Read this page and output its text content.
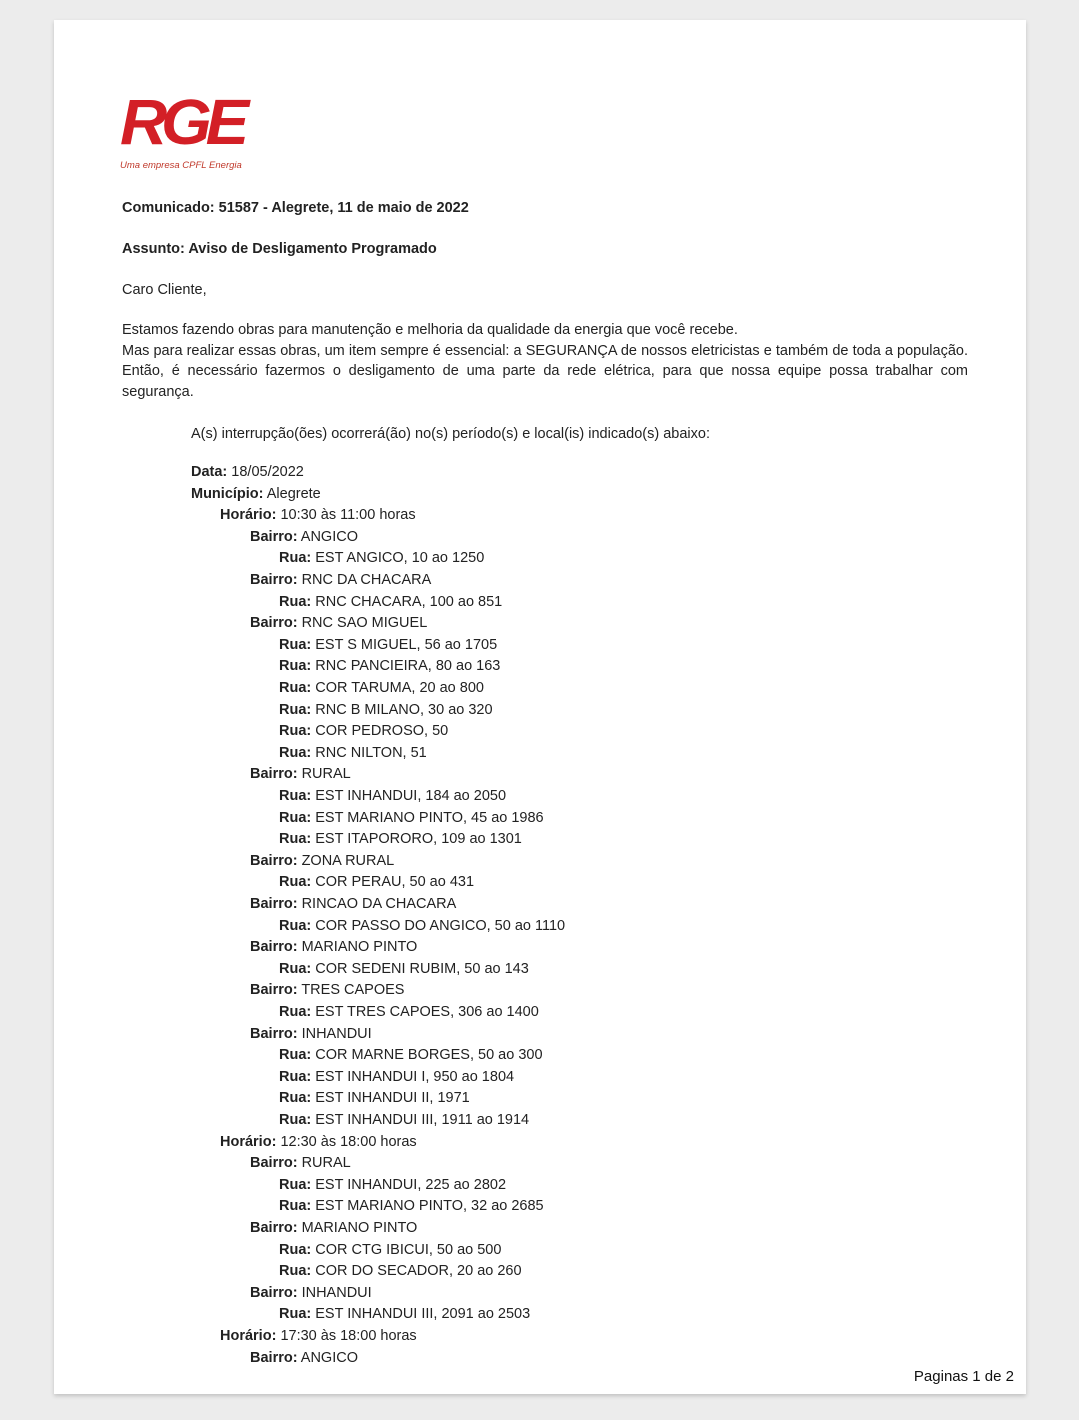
RGE
Uma empresa CPFL Energia
Comunicado: 51587 - Alegrete, 11 de maio de 2022
Assunto: Aviso de Desligamento Programado
Caro Cliente,
Estamos fazendo obras para manutenção e melhoria da qualidade da energia que você recebe.
Mas para realizar essas obras, um item sempre é essencial: a SEGURANÇA de nossos eletricistas e também de toda a população. Então, é necessário fazermos o desligamento de uma parte da rede elétrica, para que nossa equipe possa trabalhar com segurança.
A(s) interrupção(ões) ocorrerá(ão) no(s) período(s) e local(is) indicado(s) abaixo:
Data: 18/05/2022
Município: Alegrete
Horário: 10:30 às 11:00 horas
Bairro: ANGICO
Rua: EST ANGICO, 10 ao 1250
Bairro: RNC DA CHACARA
Rua: RNC CHACARA, 100 ao 851
Bairro: RNC SAO MIGUEL
Rua: EST S MIGUEL, 56 ao 1705
Rua: RNC PANCIEIRA, 80 ao 163
Rua: COR TARUMA, 20 ao 800
Rua: RNC B MILANO, 30 ao 320
Rua: COR PEDROSO, 50
Rua: RNC NILTON, 51
Bairro: RURAL
Rua: EST INHANDUI, 184 ao 2050
Rua: EST MARIANO PINTO, 45 ao 1986
Rua: EST ITAPORORO, 109 ao 1301
Bairro: ZONA RURAL
Rua: COR PERAU, 50 ao 431
Bairro: RINCAO DA CHACARA
Rua: COR PASSO DO ANGICO, 50 ao 1110
Bairro: MARIANO PINTO
Rua: COR SEDENI RUBIM, 50 ao 143
Bairro: TRES CAPOES
Rua: EST TRES CAPOES, 306 ao 1400
Bairro: INHANDUI
Rua: COR MARNE BORGES, 50 ao 300
Rua: EST INHANDUI I, 950 ao 1804
Rua: EST INHANDUI II, 1971
Rua: EST INHANDUI III, 1911 ao 1914
Horário: 12:30 às 18:00 horas
Bairro: RURAL
Rua: EST INHANDUI, 225 ao 2802
Rua: EST MARIANO PINTO, 32 ao 2685
Bairro: MARIANO PINTO
Rua: COR CTG IBICUI, 50 ao 500
Rua: COR DO SECADOR, 20 ao 260
Bairro: INHANDUI
Rua: EST INHANDUI III, 2091 ao 2503
Horário: 17:30 às 18:00 horas
Bairro: ANGICO
Paginas 1 de 2
